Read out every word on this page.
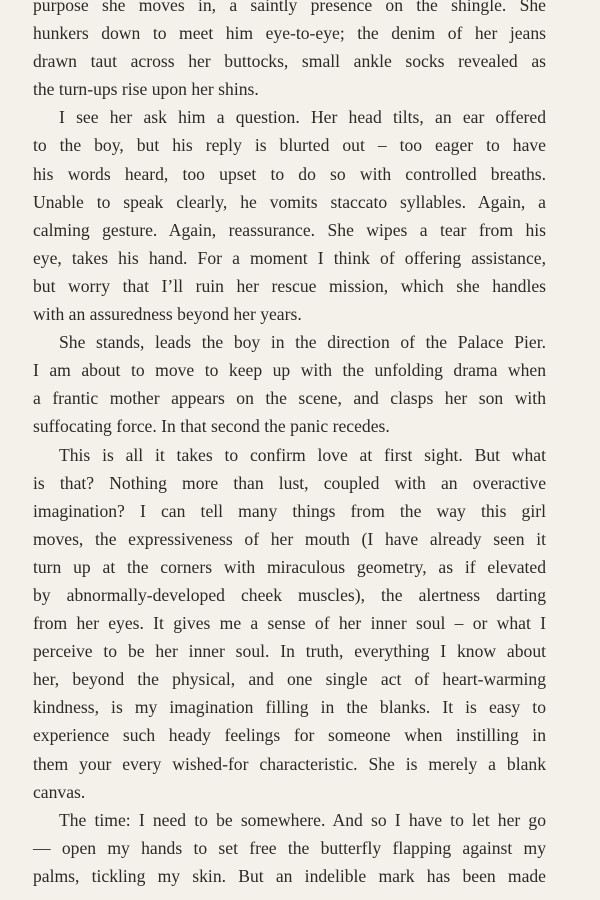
purpose she moves in, a saintly presence on the shingle. She
hunkers down to meet him eye-to-eye; the denim of her jeans
drawn taut across her buttocks, small ankle socks revealed as
the turn-ups rise upon her shins.
I see her ask him a question. Her head tilts, an ear offered
to the boy, but his reply is blurted out – too eager to have
his words heard, too upset to do so with controlled breaths.
Unable to speak clearly, he vomits staccato syllables. Again, a
calming gesture. Again, reassurance. She wipes a tear from his
eye, takes his hand. For a moment I think of offering assistance,
but worry that I’ll ruin her rescue mission, which she handles
with an assuredness beyond her years.
She stands, leads the boy in the direction of the Palace Pier.
I am about to move to keep up with the unfolding drama when
a frantic mother appears on the scene, and clasps her son with
suffocating force. In that second the panic recedes.
This is all it takes to confirm love at first sight. But what
is that? Nothing more than lust, coupled with an overactive
imagination? I can tell many things from the way this girl
moves, the expressiveness of her mouth (I have already seen it
turn up at the corners with miraculous geometry, as if elevated
by abnormally-developed cheek muscles), the alertness darting
from her eyes. It gives me a sense of her inner soul – or what I
perceive to be her inner soul. In truth, everything I know about
her, beyond the physical, and one single act of heart-warming
kindness, is my imagination filling in the blanks. It is easy to
experience such heady feelings for someone when instilling in
them your every wished-for characteristic. She is merely a blank
canvas.
The time: I need to be somewhere. And so I have to let her go
— open my hands to set free the butterfly flapping against my
palms, tickling my skin. But an indelible mark has been made
